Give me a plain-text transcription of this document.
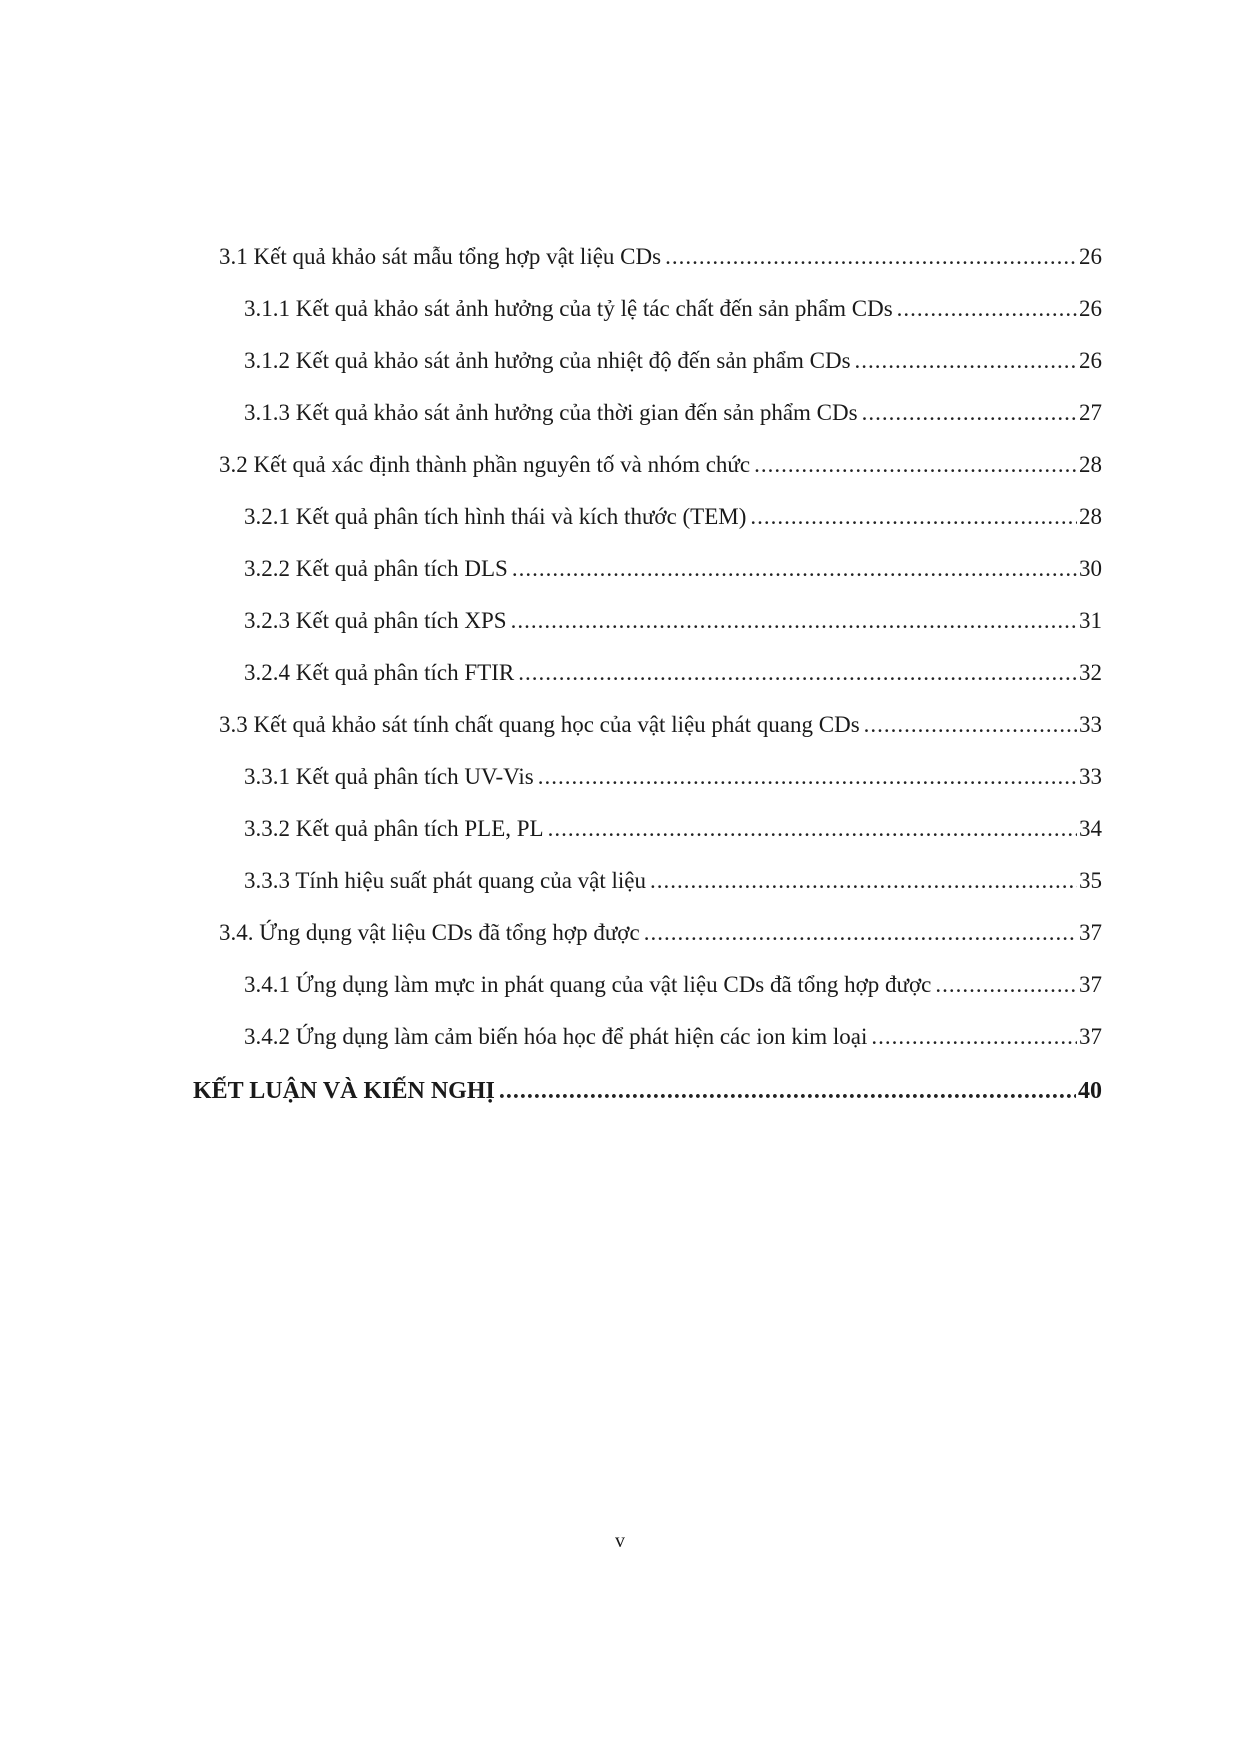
3.1 Kết quả khảo sát mẫu tổng hợp vật liệu CDs .....	26
3.1.1 Kết quả khảo sát ảnh hưởng của tỷ lệ tác chất đến sản phẩm CDs .....	26
3.1.2 Kết quả khảo sát ảnh hưởng của nhiệt độ đến sản phẩm CDs .....	26
3.1.3 Kết quả khảo sát ảnh hưởng của thời gian đến sản phẩm CDs .....	27
3.2 Kết quả xác định thành phần nguyên tố và nhóm chức .....	28
3.2.1 Kết quả phân tích hình thái và kích thước (TEM) .....	28
3.2.2 Kết quả phân tích DLS .....	30
3.2.3 Kết quả phân tích XPS .....	31
3.2.4 Kết quả phân tích FTIR .....	32
3.3 Kết quả khảo sát tính chất quang học của vật liệu phát quang CDs .....	33
3.3.1 Kết quả phân tích UV-Vis .....	33
3.3.2 Kết quả phân tích PLE, PL .....	34
3.3.3 Tính hiệu suất phát quang của vật liệu .....	35
3.4. Ứng dụng vật liệu CDs đã tổng hợp được .....	37
3.4.1 Ứng dụng làm mực in phát quang của vật liệu CDs đã tổng hợp được .....	37
3.4.2 Ứng dụng làm cảm biến hóa học để phát hiện các ion kim loại .....	37
KẾT LUẬN VÀ KIẾN NGHỊ .....	40
v
